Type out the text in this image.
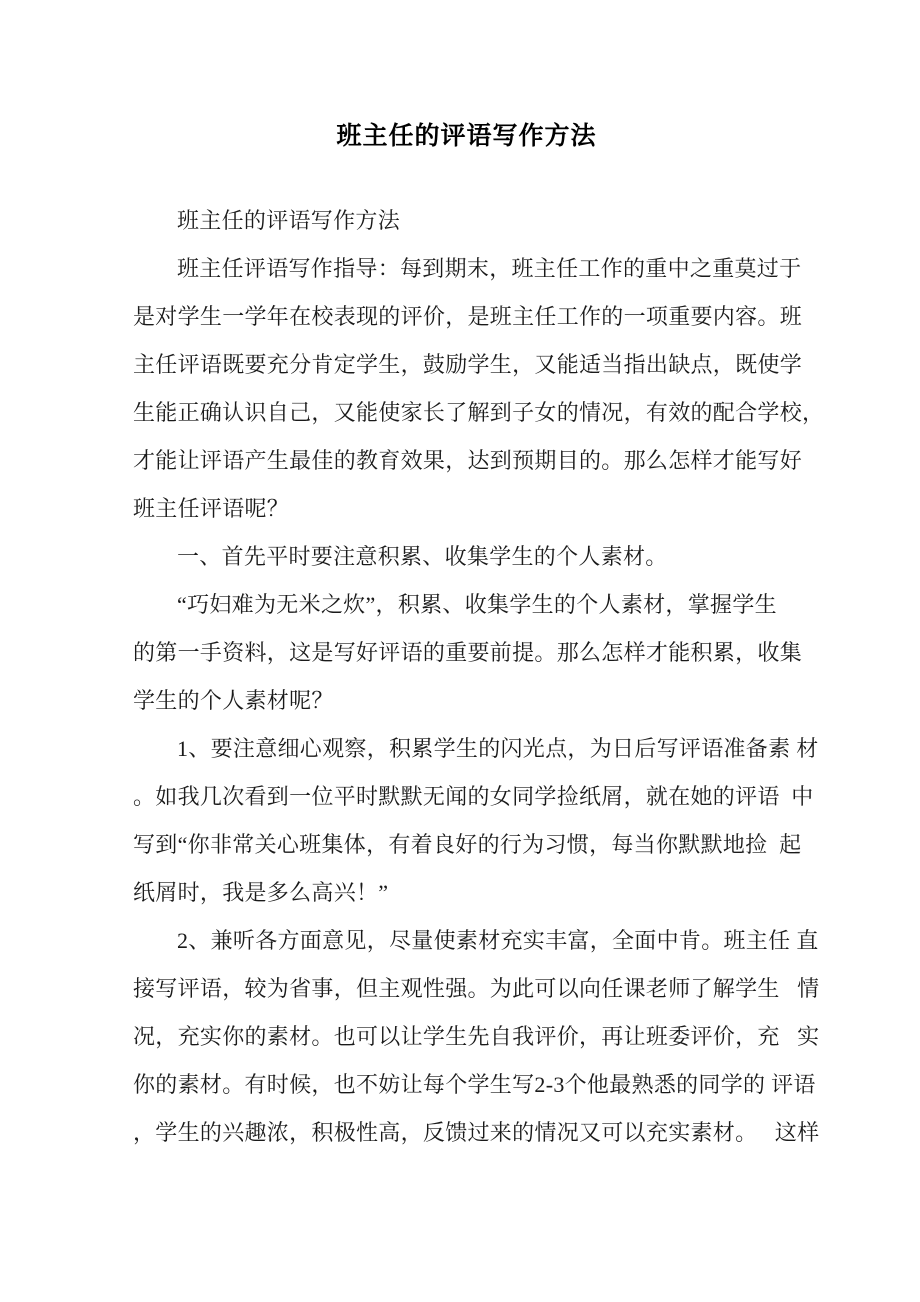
班主任的评语写作方法
班主任的评语写作方法
班主任评语写作指导：每到期末，班主任工作的重中之重莫过于
是对学生一学年在校表现的评价，是班主任工作的一项重要内容。班
主任评语既要充分肯定学生，鼓励学生，又能适当指出缺点，既使学
生能正确认识自己，又能使家长了解到子女的情况，有效的配合学校，
才能让评语产生最佳的教育效果，达到预期目的。那么怎样才能写好
班主任评语呢？
一、首先平时要注意积累、收集学生的个人素材。
“巧妇难为无米之炊”，积累、收集学生的个人素材，掌握学生
的第一手资料，这是写好评语的重要前提。那么怎样才能积累，收集
学生的个人素材呢？
1、要注意细心观察，积累学生的闪光点，为日后写评语准备素 材
。如我几次看到一位平时默默无闻的女同学捡纸屑，就在她的评语  中
写到“你非常关心班集体，有着良好的行为习惯，每当你默默地捡  起
纸屑时，我是多么高兴！”
2、兼听各方面意见，尽量使素材充实丰富，全面中肯。班主任 直
接写评语，较为省事，但主观性强。为此可以向任课老师了解学生   情
况，充实你的素材。也可以让学生先自我评价，再让班委评价，充   实
你的素材。有时候，也不妨让每个学生写2-3个他最熟悉的同学的 评语
，学生的兴趣浓，积极性高，反馈过来的情况又可以充实素材。   这样
